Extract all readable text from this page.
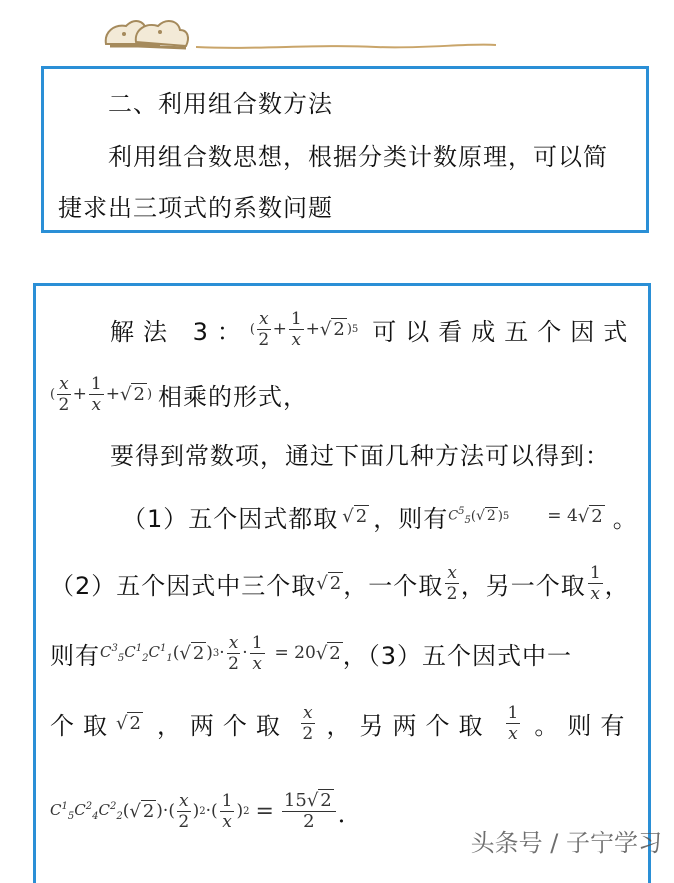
二、利用组合数方法
利用组合数思想，根据分类计数原理，可以简
捷求出三项式的系数问题
解法 3： ( $\frac{x}{2} + \frac{1}{x}$ + √ 2 ) 5 可以看成五个因式
( $\frac{x}{2} + \frac{1}{x}$ + √ 2 ) 相乘的形式，
要得到常数项，通过下面几种方法可以得到：
（1）五个因式都取 √ 2 ，则有 $C^5_5$ ( √ 2 ) 5 = 4 √ 2 。
（2）五个因式中三个取 √ 2 ，一个取 $\frac{x}{2}$ ，另一个取 $\frac{1}{x}$ ，
则有 $C^3_5C^1_2C^1_1$ ( √ 2 ) $3 \cdot \frac{x}{2} \cdot \frac{1}{x} = 20$ √ 2 ，（3）五个因式中一
个取 √ 2 ，两个取 $\frac{x}{2}$ ，另两个取 $\frac{1}{x}$ 。则有
$C^1_5C^2_4C^2_2$ ( √ 2 ) ·( $\frac{x}{2}$ ) 2 ·( $\frac{1}{x}$ ) $2 = \frac{15√ 2}{2}$ ．
头条号 / 子宁学习
